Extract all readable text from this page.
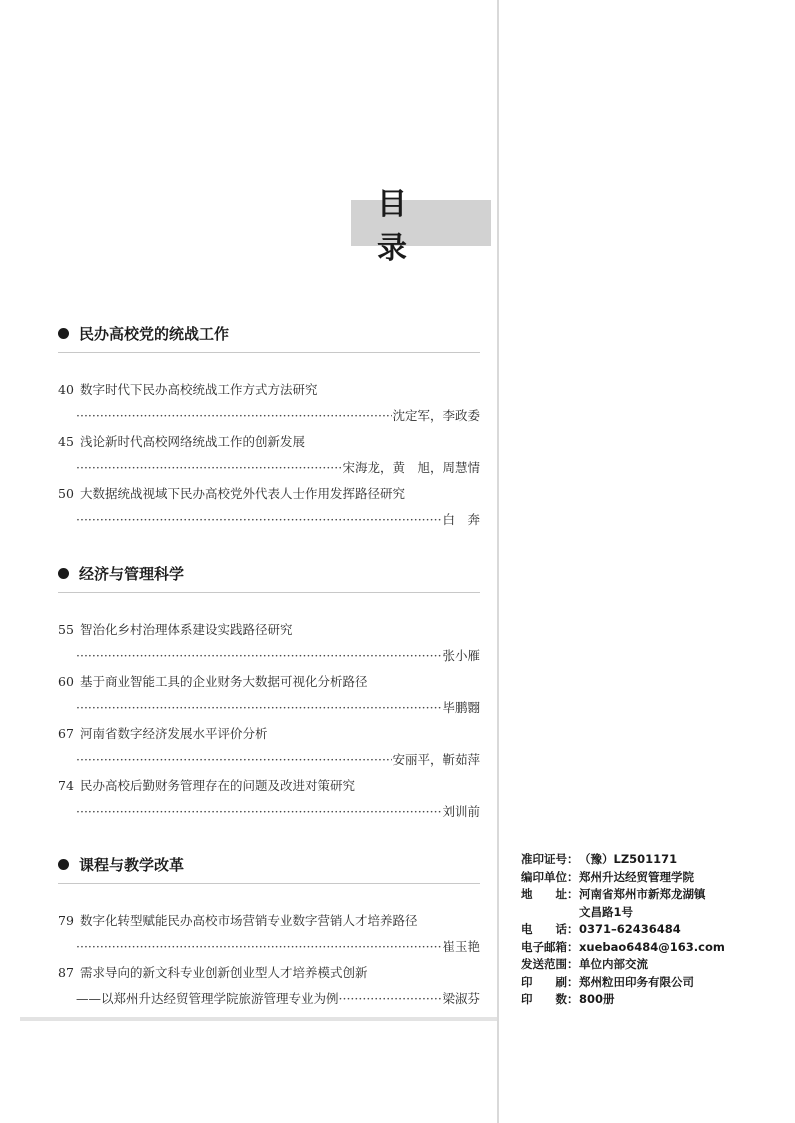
目 录
民办高校党的统战工作
40 数字时代下民办高校统战工作方式方法研究
·····
沈定军，李政委
45 浅论新时代高校网络统战工作的创新发展
·····
宋海龙，黄　旭，周慧情
50 大数据统战视域下民办高校党外代表人士作用发挥路径研究
·····
白　奔
经济与管理科学
55 智治化乡村治理体系建设实践路径研究
·····
张小雁
60 基于商业智能工具的企业财务大数据可视化分析路径
·····
毕鹏翾
67 河南省数字经济发展水平评价分析
·····
安丽平，靳茹萍
74 民办高校后勤财务管理存在的问题及改进对策研究
·····
刘训前
课程与教学改革
79 数字化转型赋能民办高校市场营销专业数字营销人才培养路径
·····
崔玉艳
87 需求导向的新文科专业创新创业型人才培养模式创新
——以郑州升达经贸管理学院旅游管理专业为例
·····	梁淑芬
准印证号： （豫）LZ501171
编印单位： 郑州升达经贸管理学院
地　　址： 河南省郑州市新郑龙湖镇
文昌路1号
电　　话： 0371–62436484
电子邮箱： xuebao6484@163.com
发送范围： 单位内部交流
印　　刷： 郑州粒田印务有限公司
印　　数： 800册
